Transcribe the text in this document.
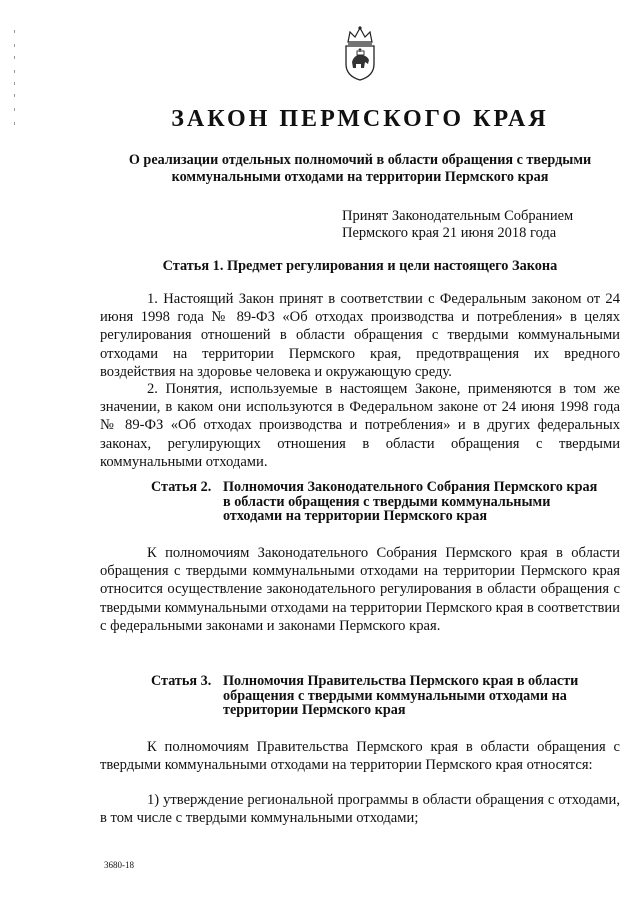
ЗАКОН ПЕРМСКОГО КРАЯ
О реализации отдельных полномочий в области обращения с твердыми коммунальными отходами на территории Пермского края
Принят Законодательным Собранием
Пермского края 21 июня 2018 года
Статья 1. Предмет регулирования и цели настоящего Закона

1. Настоящий Закон принят в соответствии с Федеральным законом от 24 июня 1998 года № 89-ФЗ «Об отходах производства и потребления» в целях регулирования отношений в области обращения с твердыми коммунальными отходами на территории Пермского края, предотвращения их вредного воздействия на здоровье человека и окружающую среду.

2. Понятия, используемые в настоящем Законе, применяются в том же значении, в каком они используются в Федеральном законе от 24 июня 1998 года № 89-ФЗ «Об отходах производства и потребления» и в других федеральных законах, регулирующих отношения в области обращения с твердыми коммунальными отходами.

Статья 2. Полномочия Законодательного Собрания Пермского края в области обращения с твердыми коммунальными отходами на территории Пермского края

К полномочиям Законодательного Собрания Пермского края в области обращения с твердыми коммунальными отходами на территории Пермского края относится осуществление законодательного регулирования в области обращения с твердыми коммунальными отходами на территории Пермского края в соответствии с федеральными законами и законами Пермского края.

Статья 3. Полномочия Правительства Пермского края в области обращения с твердыми коммунальными отходами на территории Пермского края

К полномочиям Правительства Пермского края в области обращения с твердыми коммунальными отходами на территории Пермского края относятся:

1) утверждение региональной программы в области обращения с отходами, в том числе с твердыми коммунальными отходами;

3680-18
